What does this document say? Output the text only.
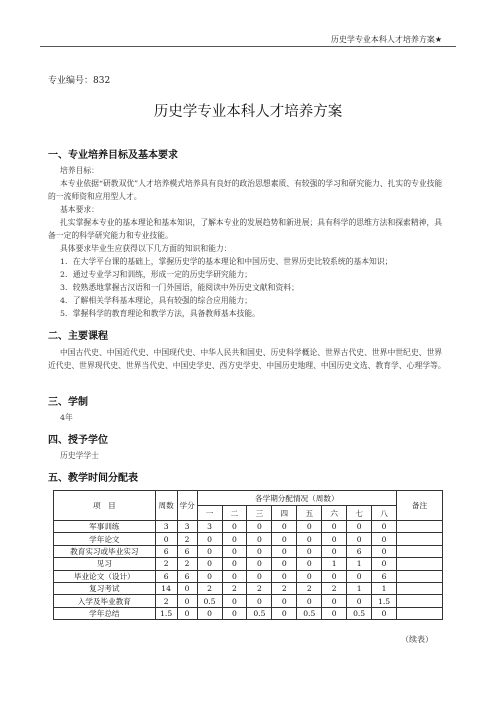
历史学专业本科人才培养方案★
专业编号：832
历史学专业本科人才培养方案
一、专业培养目标及基本要求
培养目标：
本专业依据“研教双优”人才培养模式培养具有良好的政治思想素质、有较强的学习和研究能力、扎实的专业技能的一流师资和应用型人才。
基本要求：
扎实掌握本专业的基本理论和基本知识，了解本专业的发展趋势和新进展；具有科学的思维方法和探索精神，具备一定的科学研究能力和专业技能。
具体要求毕业生应获得以下几方面的知识和能力：
1．在大学平台课的基础上，掌握历史学的基本理论和中国历史、世界历史比较系统的基本知识；
2．通过专业学习和训练，形成一定的历史学研究能力；
3．较熟悉地掌握古汉语和一门外国语，能阅读中外历史文献和资料；
4．了解相关学科基本理论，具有较强的综合应用能力；
5．掌握科学的教育理论和教学方法，具备教师基本技能。
二、主要课程
中国古代史、中国近代史、中国现代史、中华人民共和国史、历史科学概论、世界古代史、世界中世纪史、世界近代史、世界现代史、世界当代史、中国史学史、西方史学史、中国历史地理、中国历史文选、教育学、心理学等。
三、学制
4年
四、授予学位
历史学学士
五、教学时间分配表
项　目	周数	学分	各学期分配情况（周数）								备注
			一	二	三	四	五	六	七	八	
军事训练	3	3	3	0	0	0	0	0	0	0	
学年论文	0	2	0	0	0	0	0	0	0	0	
教育实习或毕业实习	6	6	0	0	0	0	0	0	6	0	
见习	2	2	0	0	0	0	0	1	1	0	
毕业论文（设计）	6	6	0	0	0	0	0	0	0	6	
复习考试	14	0	2	2	2	2	2	2	1	1	
入学及毕业教育	2	0	0.5	0	0	0	0	0	0	1.5	
学年总结	1.5	0	0	0	0.5	0	0.5	0	0.5	0	
（续表）
